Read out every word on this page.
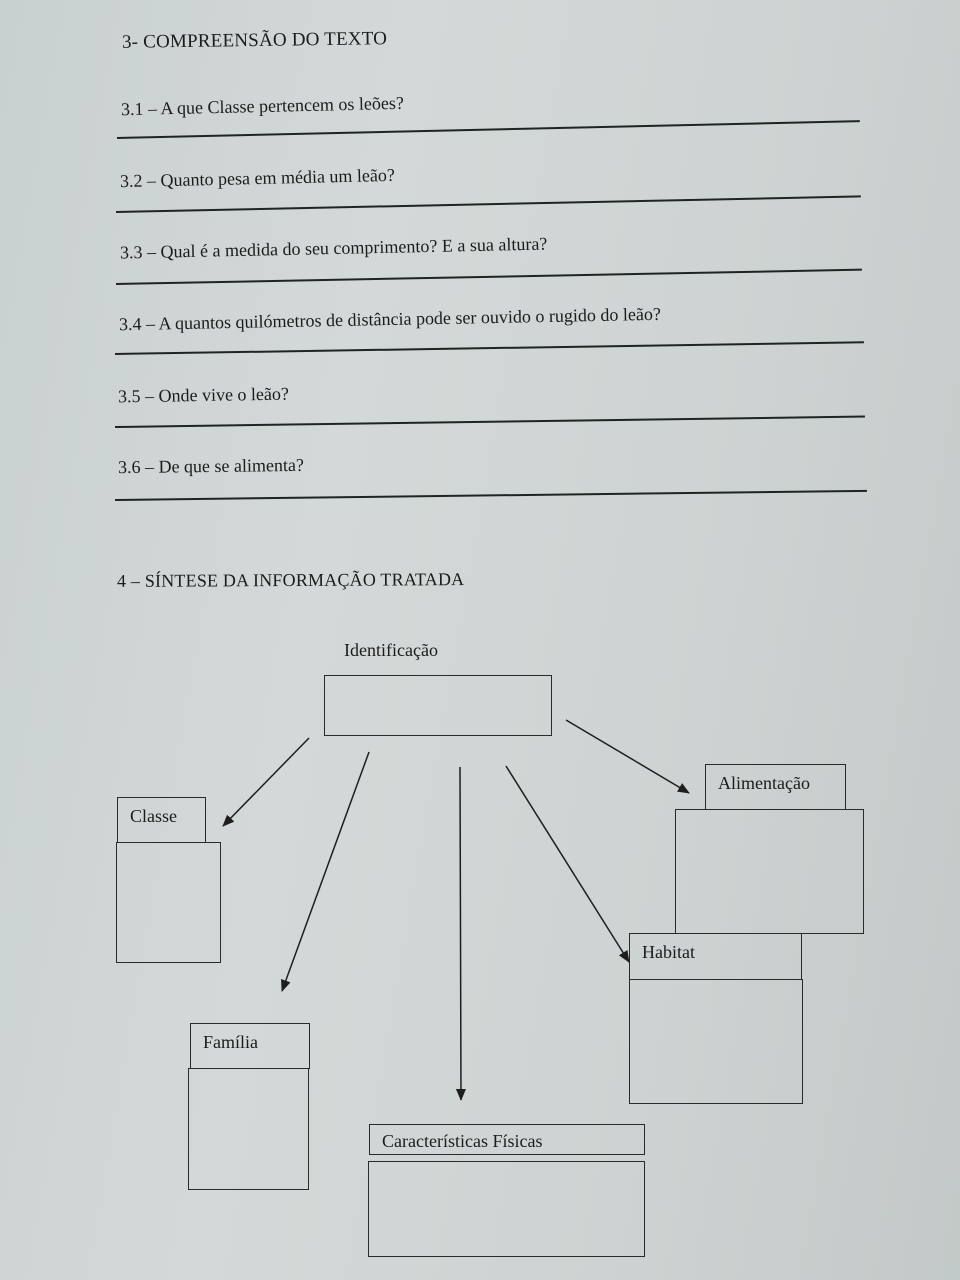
3- COMPREENSÃO DO TEXTO
3.1 – A que Classe pertencem os leões?
3.2 – Quanto pesa em média um leão?
3.3 – Qual é a medida do seu comprimento? E a sua altura?
3.4 – A quantos quilómetros de distância pode ser ouvido o rugido do leão?
3.5 – Onde vive o leão?
3.6 – De que se alimenta?
4 – SÍNTESE DA INFORMAÇÃO TRATADA
Identificação
Classe
Família
Características Físicas
Habitat
Alimentação
